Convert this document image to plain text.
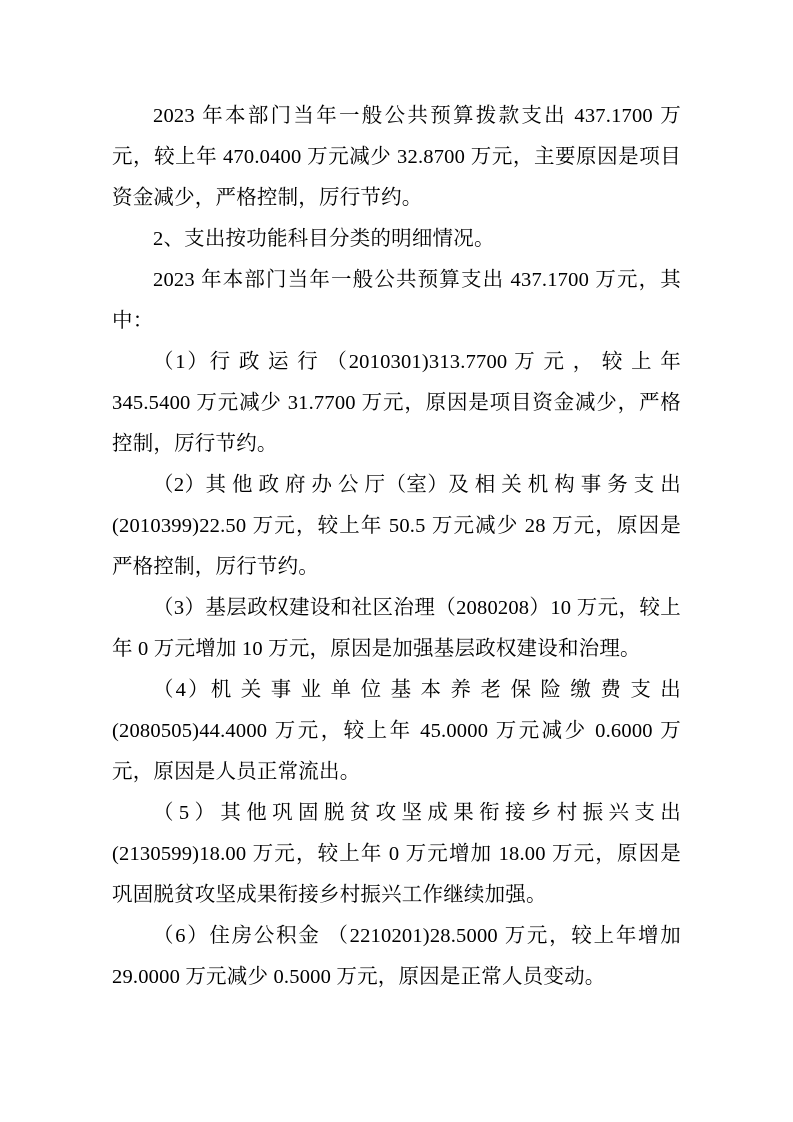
2023 年本部门当年一般公共预算拨款支出 437.1700 万元，较上年 470.0400 万元减少 32.8700 万元，主要原因是项目资金减少，严格控制，厉行节约。

2、支出按功能科目分类的明细情况。

2023 年本部门当年一般公共预算支出 437.1700 万元，其中：

（1）行 政 运 行 （2010301)313.7700 万 元 ， 较 上 年 345.5400 万元减少 31.7700 万元，原因是项目资金减少，严格控制，厉行节约。

（2）其 他 政 府 办 公 厅（室）及 相 关 机 构 事 务 支 出 (2010399)22.50 万元，较上年 50.5 万元减少 28 万元，原因是严格控制，厉行节约。

（3）基层政权建设和社区治理（2080208）10 万元，较上年 0 万元增加 10 万元，原因是加强基层政权建设和治理。

（4）机 关 事 业 单 位 基 本 养 老 保 险 缴 费 支 出 (2080505)44.4000 万元，较上年 45.0000 万元减少 0.6000 万元，原因是人员正常流出。

（5）其他巩固脱贫攻坚成果衔接乡村振兴支出(2130599)18.00 万元，较上年 0 万元增加 18.00 万元，原因是巩固脱贫攻坚成果衔接乡村振兴工作继续加强。

（6）住房公积金 （2210201)28.5000 万元，较上年增加 29.0000 万元减少 0.5000 万元，原因是正常人员变动。
